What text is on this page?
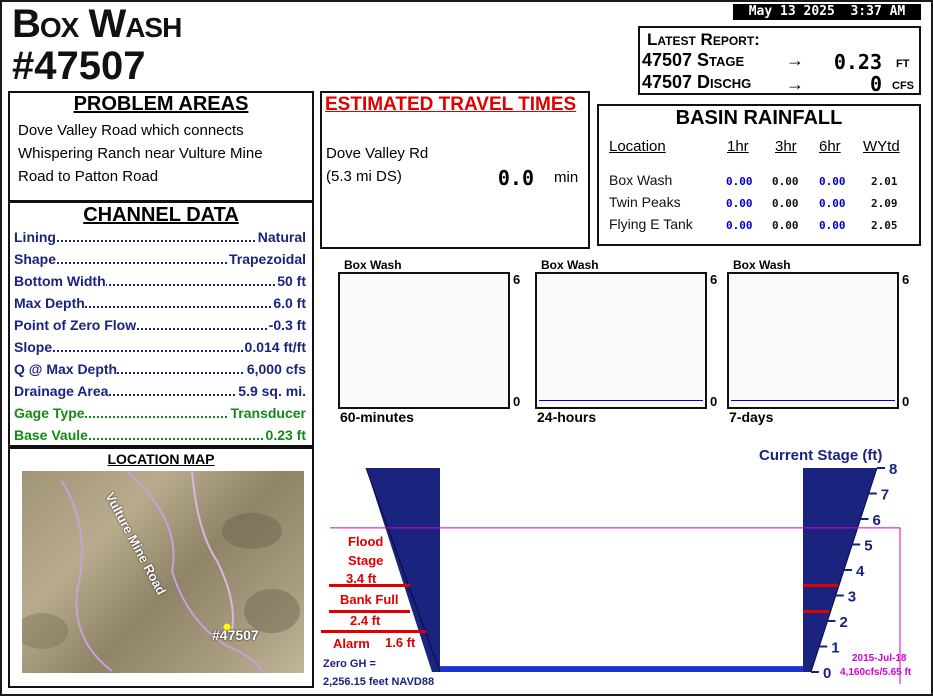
May 13 2025  3:37 AM
Box Wash
#47507
Latest Report:
47507 Stage →	0.23 FT
47507 Dischg →	0 CFS
PROBLEM AREAS
Dove Valley Road which connects
Whispering Ranch near Vulture Mine
Road to Patton Road
CHANNEL DATA
Lining	Natural
Shape	Trapezoidal
Bottom Width	50 ft
Max Depth	6.0 ft
Point of Zero Flow	-0.3 ft
Slope	0.014 ft/ft
Q @ Max Depth	6,000 cfs
Drainage Area	5.9 sq. mi.
Gage Type	Transducer
Base Vaule	0.23 ft
LOCATION MAP
Vulture Mine Road
#47507
ESTIMATED TRAVEL TIMES
Dove Valley Rd
(5.3 mi DS)	0.0 min
BASIN RAINFALL
Location	1hr 3hr 6hr WYtd
Box Wash	0.00 0.00 0.00 2.01
Twin Peaks	0.00 0.00 0.00 2.09
Flying E Tank	0.00 0.00 0.00 2.05
Box Wash
6
0
60-minutes
Box Wash
6
0
24-hours
Box Wash
6
0
7-days
Current Stage (ft)
8
7
6
5
4
3
2
1
0
Flood
Stage
3.4 ft
Bank Full
2.4 ft
Alarm 1.6 ft
Zero GH =
2,256.15 feet NAVD88
2015-Jul-18
4,160cfs/5.65 ft
